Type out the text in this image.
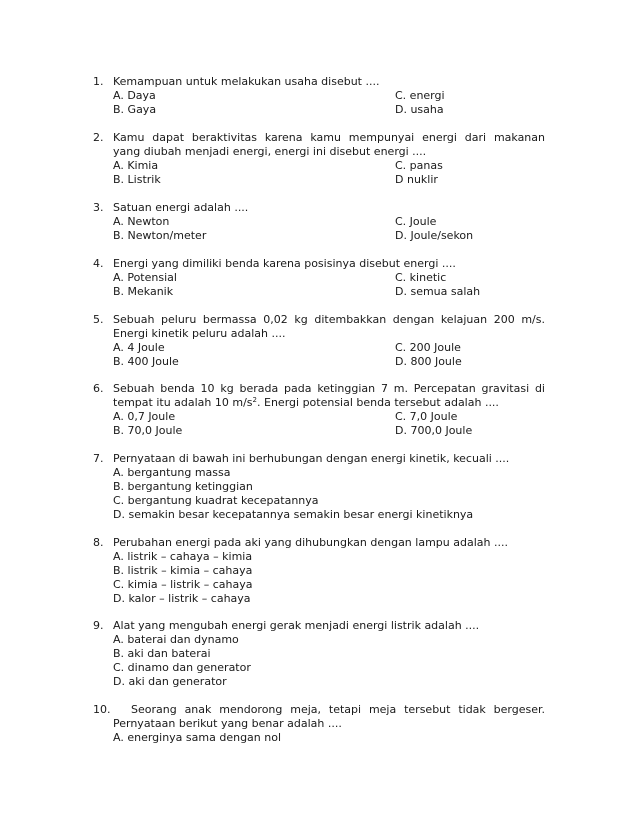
1. Kemampuan untuk melakukan usaha disebut ....
A. Daya	C. energi
B. Gaya	D. usaha
2. Kamu dapat beraktivitas karena kamu mempunyai energi dari makanan
yang diubah menjadi energi, energi ini disebut energi ....
A. Kimia	C. panas
B. Listrik	D nuklir
3. Satuan energi adalah ....
A. Newton	C. Joule
B. Newton/meter	D. Joule/sekon
4. Energi yang dimiliki benda karena posisinya disebut energi ....
A. Potensial	C. kinetic
B. Mekanik	D. semua salah
5. Sebuah peluru bermassa 0,02 kg ditembakkan dengan kelajuan 200 m/s.
Energi kinetik peluru adalah ....
A. 4 Joule	C. 200 Joule
B. 400 Joule	D. 800 Joule
6. Sebuah benda 10 kg berada pada ketinggian 7 m. Percepatan gravitasi di
tempat itu adalah 10 $m/s^2$. Energi potensial benda tersebut adalah ....
A. 0,7 Joule	C. 7,0 Joule
B. 70,0 Joule	D. 700,0 Joule
7. Pernyataan di bawah ini berhubungan dengan energi kinetik, kecuali ....
A. bergantung massa
B. bergantung ketinggian
C. bergantung kuadrat kecepatannya
D. semakin besar kecepatannya semakin besar energi kinetiknya
8. Perubahan energi pada aki yang dihubungkan dengan lampu adalah ....
A. listrik – cahaya – kimia
B. listrik – kimia – cahaya
C. kimia – listrik – cahaya
D. kalor – listrik – cahaya
9. Alat yang mengubah energi gerak menjadi energi listrik adalah ....
A. baterai dan dynamo
B. aki dan baterai
C. dinamo dan generator
D. aki dan generator
10. Seorang anak mendorong meja, tetapi meja tersebut tidak bergeser.
Pernyataan berikut yang benar adalah ....
A. energinya sama dengan nol
